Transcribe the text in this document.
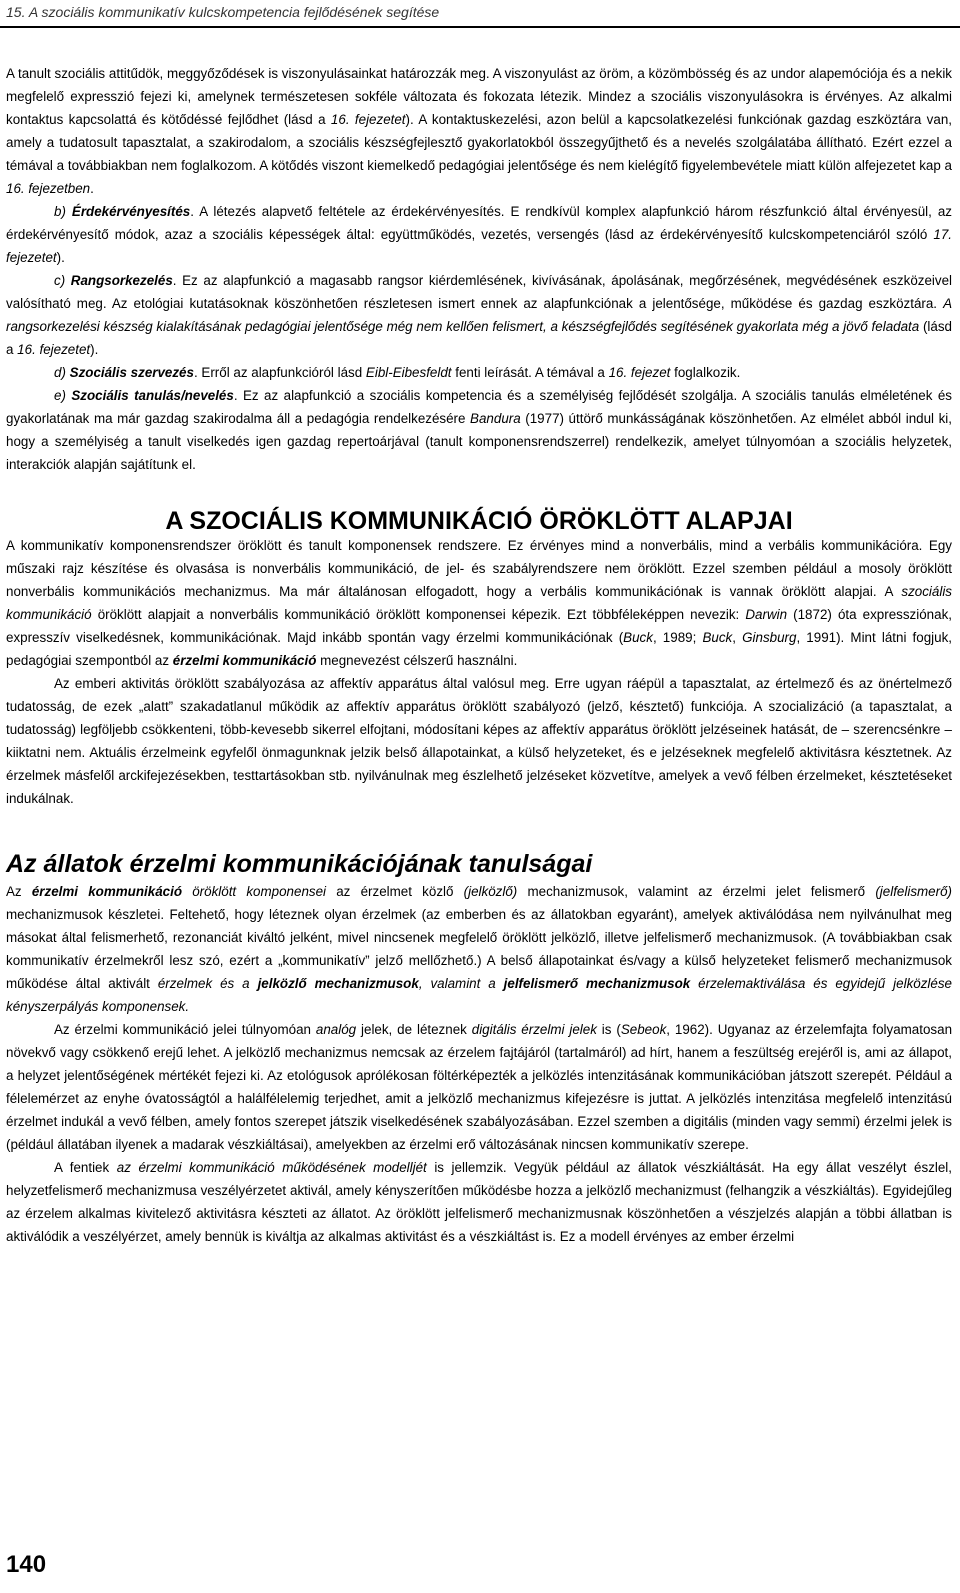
15. A szociális kommunikatív kulcskompetencia fejlődésének segítése

A tanult szociális attitűdök, meggyőződések is viszonyulásainkat határozzák meg. A viszonyulást az öröm, a közömbösség és az undor alapemóciója és a nekik megfelelő expresszió fejezi ki, amelynek természetesen sokféle változata és fokozata létezik. Mindez a szociális viszonyulásokra is érvényes. Az alkalmi kontaktus kapcsolattá és kötődéssé fejlődhet (lásd a 16. fejezetet). A kontaktuskezelési, azon belül a kapcsolatkezelési funkciónak gazdag eszköztára van, amely a tudatosult tapasztalat, a szakirodalom, a szociális készségfejlesztő gyakorlatokból összegyűjthető és a nevelés szolgálatába állítható. Ezért ezzel a témával a továbbiakban nem foglalkozom. A kötődés viszont kiemelkedő pedagógiai jelentősége és nem kielégítő figyelembevétele miatt külön alfejezetet kap a 16. fejezetben.

b) Érdekérvényesítés. A létezés alapvető feltétele az érdekérvényesítés. E rendkívül komplex alapfunkció három részfunkció által érvényesül, az érdekérvényesítő módok, azaz a szociális képességek által: együttműködés, vezetés, versengés (lásd az érdekérvényesítő kulcskompetenciáról szóló 17. fejezetet).

c) Rangsorkezelés. Ez az alapfunkció a magasabb rangsor kiérdemlésének, kivívásának, ápolásának, megőrzésének, megvédésének eszközeivel valósítható meg. Az etológiai kutatásoknak köszönhetően részletesen ismert ennek az alapfunkciónak a jelentősége, működése és gazdag eszköztára. A rangsorkezelési készség kialakításának pedagógiai jelentősége még nem kellően felismert, a készségfejlődés segítésének gyakorlata még a jövő feladata (lásd a 16. fejezetet).

d) Szociális szervezés. Erről az alapfunkcióról lásd Eibl-Eibesfeldt fenti leírását. A témával a 16. fejezet foglalkozik.

e) Szociális tanulás/nevelés. Ez az alapfunkció a szociális kompetencia és a személyiség fejlődését szolgálja. A szociális tanulás elméletének és gyakorlatának ma már gazdag szakirodalma áll a pedagógia rendelkezésére Bandura (1977) úttörő munkásságának köszönhetően. Az elmélet abból indul ki, hogy a személyiség a tanult viselkedés igen gazdag repertoárjával (tanult komponensrendszerrel) rendelkezik, amelyet túlnyomóan a szociális helyzetek, interakciók alapján sajátítunk el.

A SZOCIÁLIS KOMMUNIKÁCIÓ ÖRÖKLÖTT ALAPJAI

A kommunikatív komponensrendszer öröklött és tanult komponensek rendszere. Ez érvényes mind a nonverbális, mind a verbális kommunikációra. Egy műszaki rajz készítése és olvasása is nonverbális kommunikáció, de jel- és szabályrendszere nem öröklött. Ezzel szemben például a mosoly öröklött nonverbális kommunikációs mechanizmus. Ma már általánosan elfogadott, hogy a verbális kommunikációnak is vannak öröklött alapjai. A szociális kommunikáció öröklött alapjait a nonverbális kommunikáció öröklött komponensei képezik. Ezt többféleképpen nevezik: Darwin (1872) óta expressziónak, expresszív viselkedésnek, kommunikációnak. Majd inkább spontán vagy érzelmi kommunikációnak (Buck, 1989; Buck, Ginsburg, 1991). Mint látni fogjuk, pedagógiai szempontból az érzelmi kommunikáció megnevezést célszerű használni.

Az emberi aktivitás öröklött szabályozása az affektív apparátus által valósul meg. Erre ugyan ráépül a tapasztalat, az értelmező és az önértelmező tudatosság, de ezek „alatt” szakadatlanul működik az affektív apparátus öröklött szabályozó (jelző, késztető) funkciója. A szocializáció (a tapasztalat, a tudatosság) legföljebb csökkenteni, több-kevesebb sikerrel elfojtani, módosítani képes az affektív apparátus öröklött jelzéseinek hatását, de – szerencsénkre – kiiktatni nem. Aktuális érzelmeink egyfelől önmagunknak jelzik belső állapotainkat, a külső helyzeteket, és e jelzéseknek megfelelő aktivitásra késztetnek. Az érzelmek másfelől arckifejezésekben, testtartásokban stb. nyilvánulnak meg észlelhető jelzéseket közvetítve, amelyek a vevő félben érzelmeket, késztetéseket indukálnak.

Az állatok érzelmi kommunikációjának tanulságai

Az érzelmi kommunikáció öröklött komponensei az érzelmet közlő (jelközlő) mechanizmusok, valamint az érzelmi jelet felismerő (jelfelismerő) mechanizmusok készletei. Feltehető, hogy léteznek olyan érzelmek (az emberben és az állatokban egyaránt), amelyek aktiválódása nem nyilvánulhat meg másokat által felismerhető, rezonanciát kiváltó jelként, mivel nincsenek megfelelő öröklött jelközlő, illetve jelfelismerő mechanizmusok. (A továbbiakban csak kommunikatív érzelmekről lesz szó, ezért a „kommunikatív” jelző mellőzhető.) A belső állapotainkat és/vagy a külső helyzeteket felismerő mechanizmusok működése által aktivált érzelmek és a jelközlő mechanizmusok, valamint a jelfelismerő mechanizmusok érzelemaktiválása és egyidejű jelközlése kényszerpályás komponensek.

Az érzelmi kommunikáció jelei túlnyomóan analóg jelek, de léteznek digitális érzelmi jelek is (Sebeok, 1962). Ugyanaz az érzelemfajta folyamatosan növekvő vagy csökkenő erejű lehet. A jelközlő mechanizmus nemcsak az érzelem fajtájáról (tartalmáról) ad hírt, hanem a feszültség erejéről is, ami az állapot, a helyzet jelentőségének mértékét fejezi ki. Az etológusok aprólékosan föltérképezték a jelközlés intenzitásának kommunikációban játszott szerepét. Például a félelemérzet az enyhe óvatosságtól a halálfélelemig terjedhet, amit a jelközlő mechanizmus kifejezésre is juttat. A jelközlés intenzitása megfelelő intenzitású érzelmet indukál a vevő félben, amely fontos szerepet játszik viselkedésének szabályozásában. Ezzel szemben a digitális (minden vagy semmi) érzelmi jelek is (például állatában ilyenek a madarak vészkiáltásai), amelyekben az érzelmi erő változásának nincsen kommunikatív szerepe.

A fentiek az érzelmi kommunikáció működésének modelljét is jellemzik. Vegyük például az állatok vészkiáltását. Ha egy állat veszélyt észlel, helyzetfelismerő mechanizmusa veszélyérzetet aktivál, amely kényszerítően működésbe hozza a jelközlő mechanizmust (felhangzik a vészkiáltás). Egyidejűleg az érzelem alkalmas kivitelező aktivitásra készteti az állatot. Az öröklött jelfelismerő mechanizmusnak köszönhetően a vészjelzés alapján a többi állatban is aktiválódik a veszélyérzet, amely bennük is kiváltja az alkalmas aktivitást és a vészkiáltást is. Ez a modell érvényes az ember érzelmi

140
